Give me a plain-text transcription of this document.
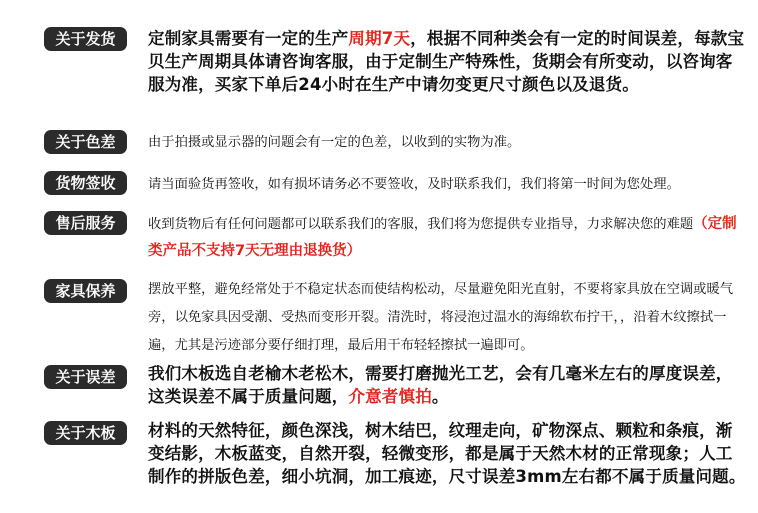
关于发货	定制家具需要有一定的生产周期7天，根据不同种类会有一定的时间误差，每款宝贝生产周期具体请咨询客服，由于定制生产特殊性，货期会有所变动，以咨询客服为准，买家下单后24小时在生产中请勿变更尺寸颜色以及退货。
关于色差	由于拍摄或显示器的问题会有一定的色差，以收到的实物为准。
货物签收	请当面验货再签收，如有损坏请务必不要签收，及时联系我们，我们将第一时间为您处理。
售后服务	收到货物后有任何问题都可以联系我们的客服，我们将为您提供专业指导，力求解决您的难题（定制类产品不支持7天无理由退换货）
家具保养	摆放平整，避免经常处于不稳定状态而使结构松动，尽量避免阳光直射，不要将家具放在空调或暖气旁，以免家具因受潮、受热而变形开裂。清洗时，将浸泡过温水的海绵软布拧干，，沿着木纹擦拭一遍，尤其是污迹部分要仔细打理，最后用干布轻轻擦拭一遍即可。
关于误差	我们木板选自老榆木老松木，需要打磨抛光工艺，会有几毫米左右的厚度误差，这类误差不属于质量问题，介意者慎拍。
关于木板	材料的天然特征，颜色深浅，树木结巴，纹理走向，矿物深点、颗粒和条痕，渐变结影，木板蓝变，自然开裂，轻微变形，都是属于天然木材的正常现象；人工制作的拼版色差，细小坑洞，加工痕迹，尺寸误差3mm左右都不属于质量问题。
